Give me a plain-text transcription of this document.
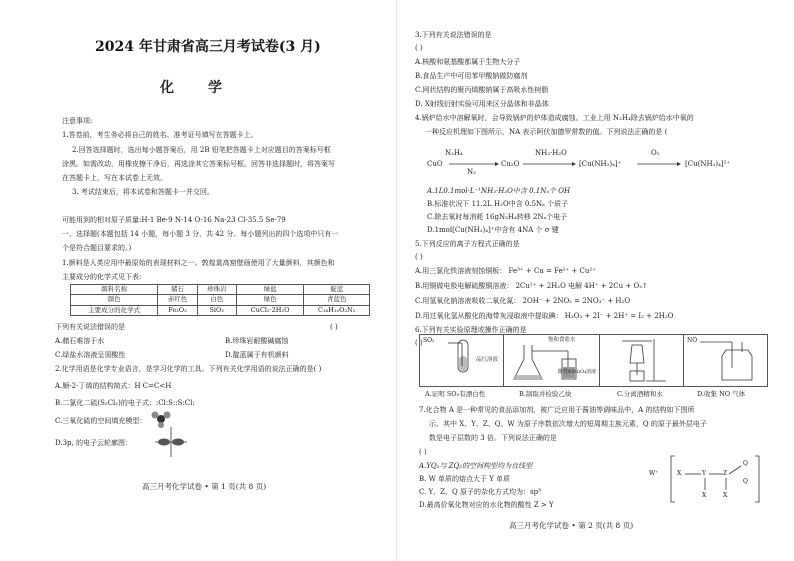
2024 年甘肃省高三月考试卷(3 月)
化学
注意事项:
1.答卷前，考生务必将自己的姓名、准考证号填写在答题卡上。
2.回答选择题时，选出每小题答案后，用 2B 铅笔把答题卡上对应题目的答案标号框
涂黑。如需改动，用橡皮擦干净后，再选涂其它答案标号框。回答非选择题时，将答案写
在答题卡上，写在本试卷上无效。
3. 考试结束后，将本试卷和答题卡一并交回。
可能用到的相对原子质量:H-1 Be-9 N-14 O-16 Na-23 Cl-35.5 Se-79
一、选择题(本题包括 14 小题，每小题 3 分，共 42 分。每小题列出的四个选项中只有一
个是符合题目要求的。)
1.颜料是人类应用中最原始的表现材料之一。敦煌莫高窟壁画使用了大量颜料，其颜色和
主要成分的化学式见下表:
颜料名称	赭石	珍珠岩	绿盐	靛蓝
颜色	赤红色	白色	绿色	青蓝色
主要成分的化学式	Fe₂O₃	SiO₂	CuCl₂·2H₂O	C₁₆H₁₀O₂N₂
下列有关说法错误的是	( )
A.赭石难溶于水	B.珍珠岩耐酸碱腐蚀
C.绿盐水溶液呈弱酸性	D.靛蓝属于有机颜料
2.化学用语是化学专业语言，是学习化学的工具。下列有关化学用语的说法正确的是( )
A.顺-2-丁烯的结构简式：H C=C<H
B.二氯化二硫(S₂Cl₂)的电子式：:Cl:S::S:Cl:
C.三氧化硫的空间填充模型：
D.3p, 的电子云轮廓图：
高三月考化学试卷 • 第 1 页(共 8 页)
3.下列有关说法错误的是
( )
A.核酸和氨基酸都属于生物大分子
B.食品生产中可用苯甲酸钠做防腐剂
C.网状结构的聚丙烯酸钠属于高吸水性树脂
D. X射线衍射实验可用来区分晶体和非晶体
4.锅炉给水中溶解氧时，会导致锅炉的炉体造成腐蚀。工业上用 N₂H₄除去锅炉给水中氧的
一种反应机理如下图所示，NA 表示阿伏加德罗常数的值。下列说法正确的是 (
CuO
N₂H₄
N₂
Cu₂O
NH₃·H₂O
[Cu(NH₃)₄]⁺
O₂
[Cu(NH₃)₄]²⁺
A.1L0.1mol·L⁻¹NH₃·H₂O中含 0.1Nₐ个 OH
B.标准状况下 11.2L H₂O中含 0.5Nₐ 个质子
C.除去氧时每消耗 16gN₂H₄转移 2Nₐ个电子
D.1mol[Cu(NH₃)₄]⁺中含有 4NA 个 σ 键
5.下列反应的离子方程式正确的是
( )
A.用三氯化铁溶液刻蚀铜板： Fe³⁺ + Cu = Fe²⁺ + Cu²⁺
B.用铜做电极电解硫酸铜溶液： 2Cu²⁺ + 2H₂O 电解 4H⁺ + 2Cu + O₂↑
C.用氢氧化钠溶液吸收二氧化氮： 2OH⁻ + 2NO₂ = 2NO₃⁻ + H₂O
D.用过氧化氢从酸化的海带灰浸取液中提取碘： H₂O₂ + 2I⁻ + 2H⁺ = I₂ + 2H₂O
6.下列有关实验原理或操作正确的是
( ) SO₂
品红溶液
饱和食盐水
酸性KMnO₄溶液
NO
A.证明 SO₂有漂白性	B.制取并检验乙炔	C.分离酒精和水	D.收集 NO 气体
7.化合物 A 是一种常见的食品添加剂，被广泛应用于酱油等调味品中，A 的结构如下图所
示。其中 X、Y、Z、Q、W 为原子序数依次增大的短周期主族元素，Q 的原子最外层电子
数是电子层数的 3 倍。下列说法正确的是
( )
A.YQ₂与 ZQ₂的空间构型均为直线型
B. W 单质的熔点大于 Y 单质
C. Y、Z、Q 原子的杂化方式均为：sp³
D.最高价氧化物对应的水化物的酸性 Z > Y
W⁺	X	Y	Z
Q
X	X
Q
高三月考化学试卷 • 第 2 页(共 8 页)
